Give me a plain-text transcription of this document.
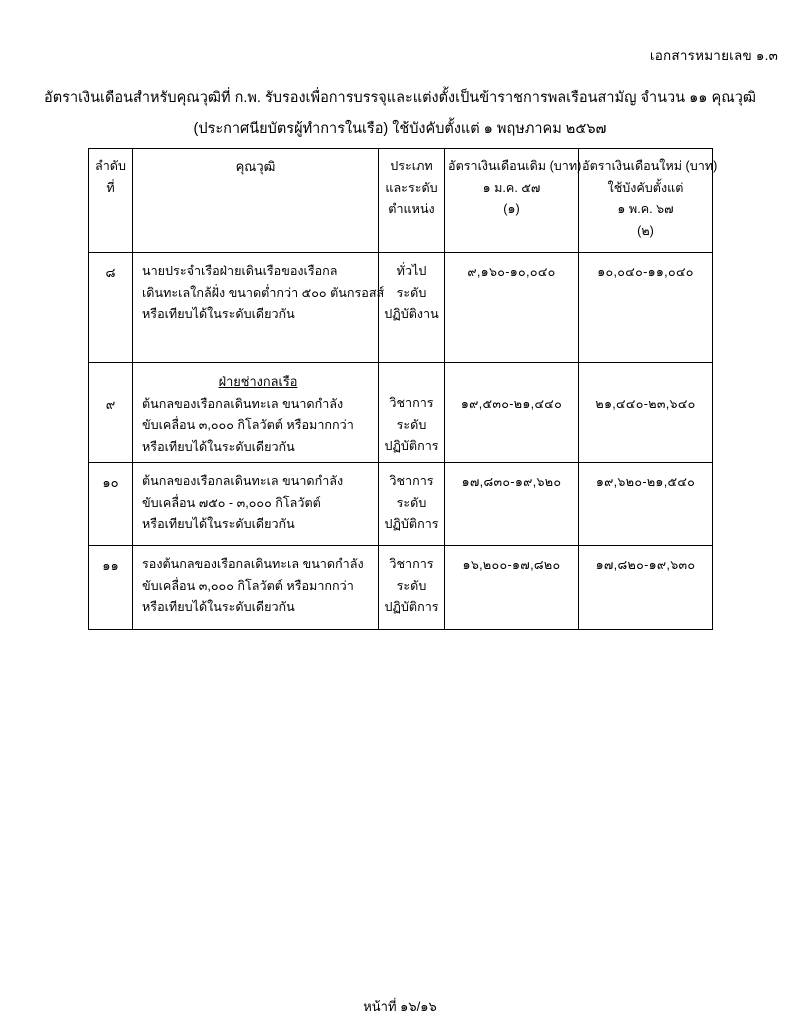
เอกสารหมายเลข ๑.๓
อัตราเงินเดือนสำหรับคุณวุฒิที่ ก.พ. รับรองเพื่อการบรรจุและแต่งตั้งเป็นข้าราชการพลเรือนสามัญ จำนวน ๑๑ คุณวุฒิ
(ประกาศนียบัตรผู้ทำการในเรือ) ใช้บังคับตั้งแต่ ๑ พฤษภาคม ๒๕๖๗
ลำดับ
ที่	คุณวุฒิ	ประเภท
และระดับ
ตำแหน่ง	อัตราเงินเดือนเดิม (บาท)
๑ ม.ค. ๕๗
(๑)	อัตราเงินเดือนใหม่ (บาท)
ใช้บังคับตั้งแต่
๑ พ.ค. ๖๗
(๒)

๘	นายประจำเรือฝ่ายเดินเรือของเรือกล
เดินทะเลใกล้ฝั่ง ขนาดต่ำกว่า ๕๐๐ ตันกรอสส์
หรือเทียบได้ในระดับเดียวกัน	ทั่วไป
ระดับ
ปฏิบัติงาน	๙,๑๖๐-๑๐,๐๔๐	๑๐,๐๔๐-๑๑,๐๔๐

๙	ฝ่ายช่างกลเรือ
ต้นกลของเรือกลเดินทะเล ขนาดกำลัง
ขับเคลื่อน ๓,๐๐๐ กิโลวัตต์ หรือมากกว่า
หรือเทียบได้ในระดับเดียวกัน	วิชาการ
ระดับ
ปฏิบัติการ	๑๙,๕๓๐-๒๑,๔๔๐	๒๑,๔๔๐-๒๓,๖๔๐

๑๐	ต้นกลของเรือกลเดินทะเล ขนาดกำลัง
ขับเคลื่อน ๗๕๐ - ๓,๐๐๐ กิโลวัตต์
หรือเทียบได้ในระดับเดียวกัน	วิชาการ
ระดับ
ปฏิบัติการ	๑๗,๘๓๐-๑๙,๖๒๐	๑๙,๖๒๐-๒๑,๕๔๐

๑๑	รองต้นกลของเรือกลเดินทะเล ขนาดกำลัง
ขับเคลื่อน ๓,๐๐๐ กิโลวัตต์ หรือมากกว่า
หรือเทียบได้ในระดับเดียวกัน	วิชาการ
ระดับ
ปฏิบัติการ	๑๖,๒๐๐-๑๗,๘๒๐	๑๗,๘๒๐-๑๙,๖๓๐
หน้าที่ ๑๖/๑๖
